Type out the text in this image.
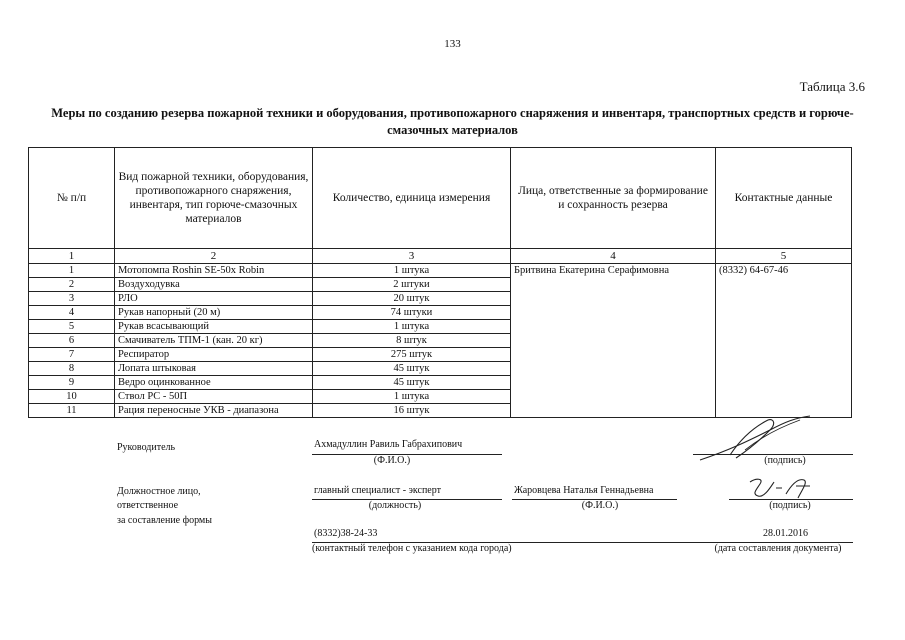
133
Таблица 3.6
Меры по созданию резерва пожарной техники и оборудования, противопожарного снаряжения и инвентаря, транспортных средств и горюче-смазочных материалов
№ п/п	Вид пожарной техники, оборудования, противопожарного снаряжения, инвентаря, тип горюче-смазочных материалов	Количество, единица измерения	Лица, ответственные за формирование и сохранность резерва	Контактные данные
1	2	3	4	5
1	Мотопомпа Roshin SE-50x Robin	1 штука	Бритвина Екатерина Серафимовна	(8332) 64-67-46
2	Воздуходувка	2 штуки		
3	РЛО	20 штук		
4	Рукав напорный (20 м)	74 штуки		
5	Рукав всасывающий	1 штука		
6	Смачиватель ТПМ-1 (кан. 20 кг)	8 штук		
7	Респиратор	275 штук		
8	Лопата штыковая	45 штук		
9	Ведро оцинкованное	45 штук		
10	Ствол РС - 50П	1 штука		
11	Рация переносные УКВ - диапазона	16 штук		
Руководитель	Ахмадуллин Равиль Габрахипович
(Ф.И.О.)	(подпись)
Должностное лицо,
ответственное
за составление формы
главный специалист - эксперт
(должность)
Жаровцева Наталья Геннадьевна
(Ф.И.О.)	(подпись)
(8332)38-24-33
(контактный телефон с указанием кода города)
28.01.2016
(дата составления документа)
